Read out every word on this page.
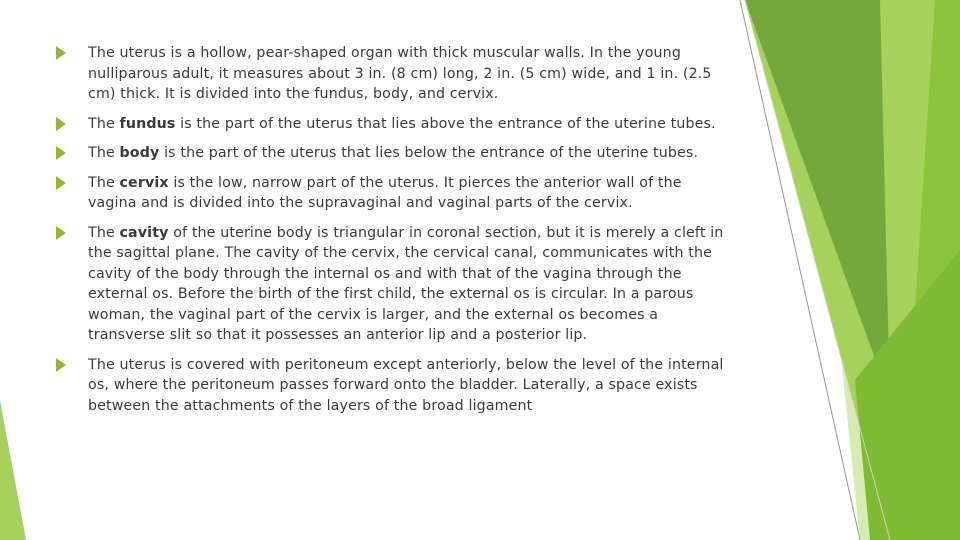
The uterus is a hollow, pear-shaped organ with thick muscular walls. In the young nulliparous adult, it measures about 3 in. (8 cm) long, 2 in. (5 cm) wide, and 1 in. (2.5 cm) thick. It is divided into the fundus, body, and cervix.
The fundus is the part of the uterus that lies above the entrance of the uterine tubes.
The body is the part of the uterus that lies below the entrance of the uterine tubes.
The cervix is the low, narrow part of the uterus. It pierces the anterior wall of the vagina and is divided into the supravaginal and vaginal parts of the cervix.
The cavity of the uterine body is triangular in coronal section, but it is merely a cleft in the sagittal plane. The cavity of the cervix, the cervical canal, communicates with the cavity of the body through the internal os and with that of the vagina through the external os. Before the birth of the first child, the external os is circular. In a parous woman, the vaginal part of the cervix is larger, and the external os becomes a transverse slit so that it possesses an anterior lip and a posterior lip.
The uterus is covered with peritoneum except anteriorly, below the level of the internal os, where the peritoneum passes forward onto the bladder. Laterally, a space exists between the attachments of the layers of the broad ligament
